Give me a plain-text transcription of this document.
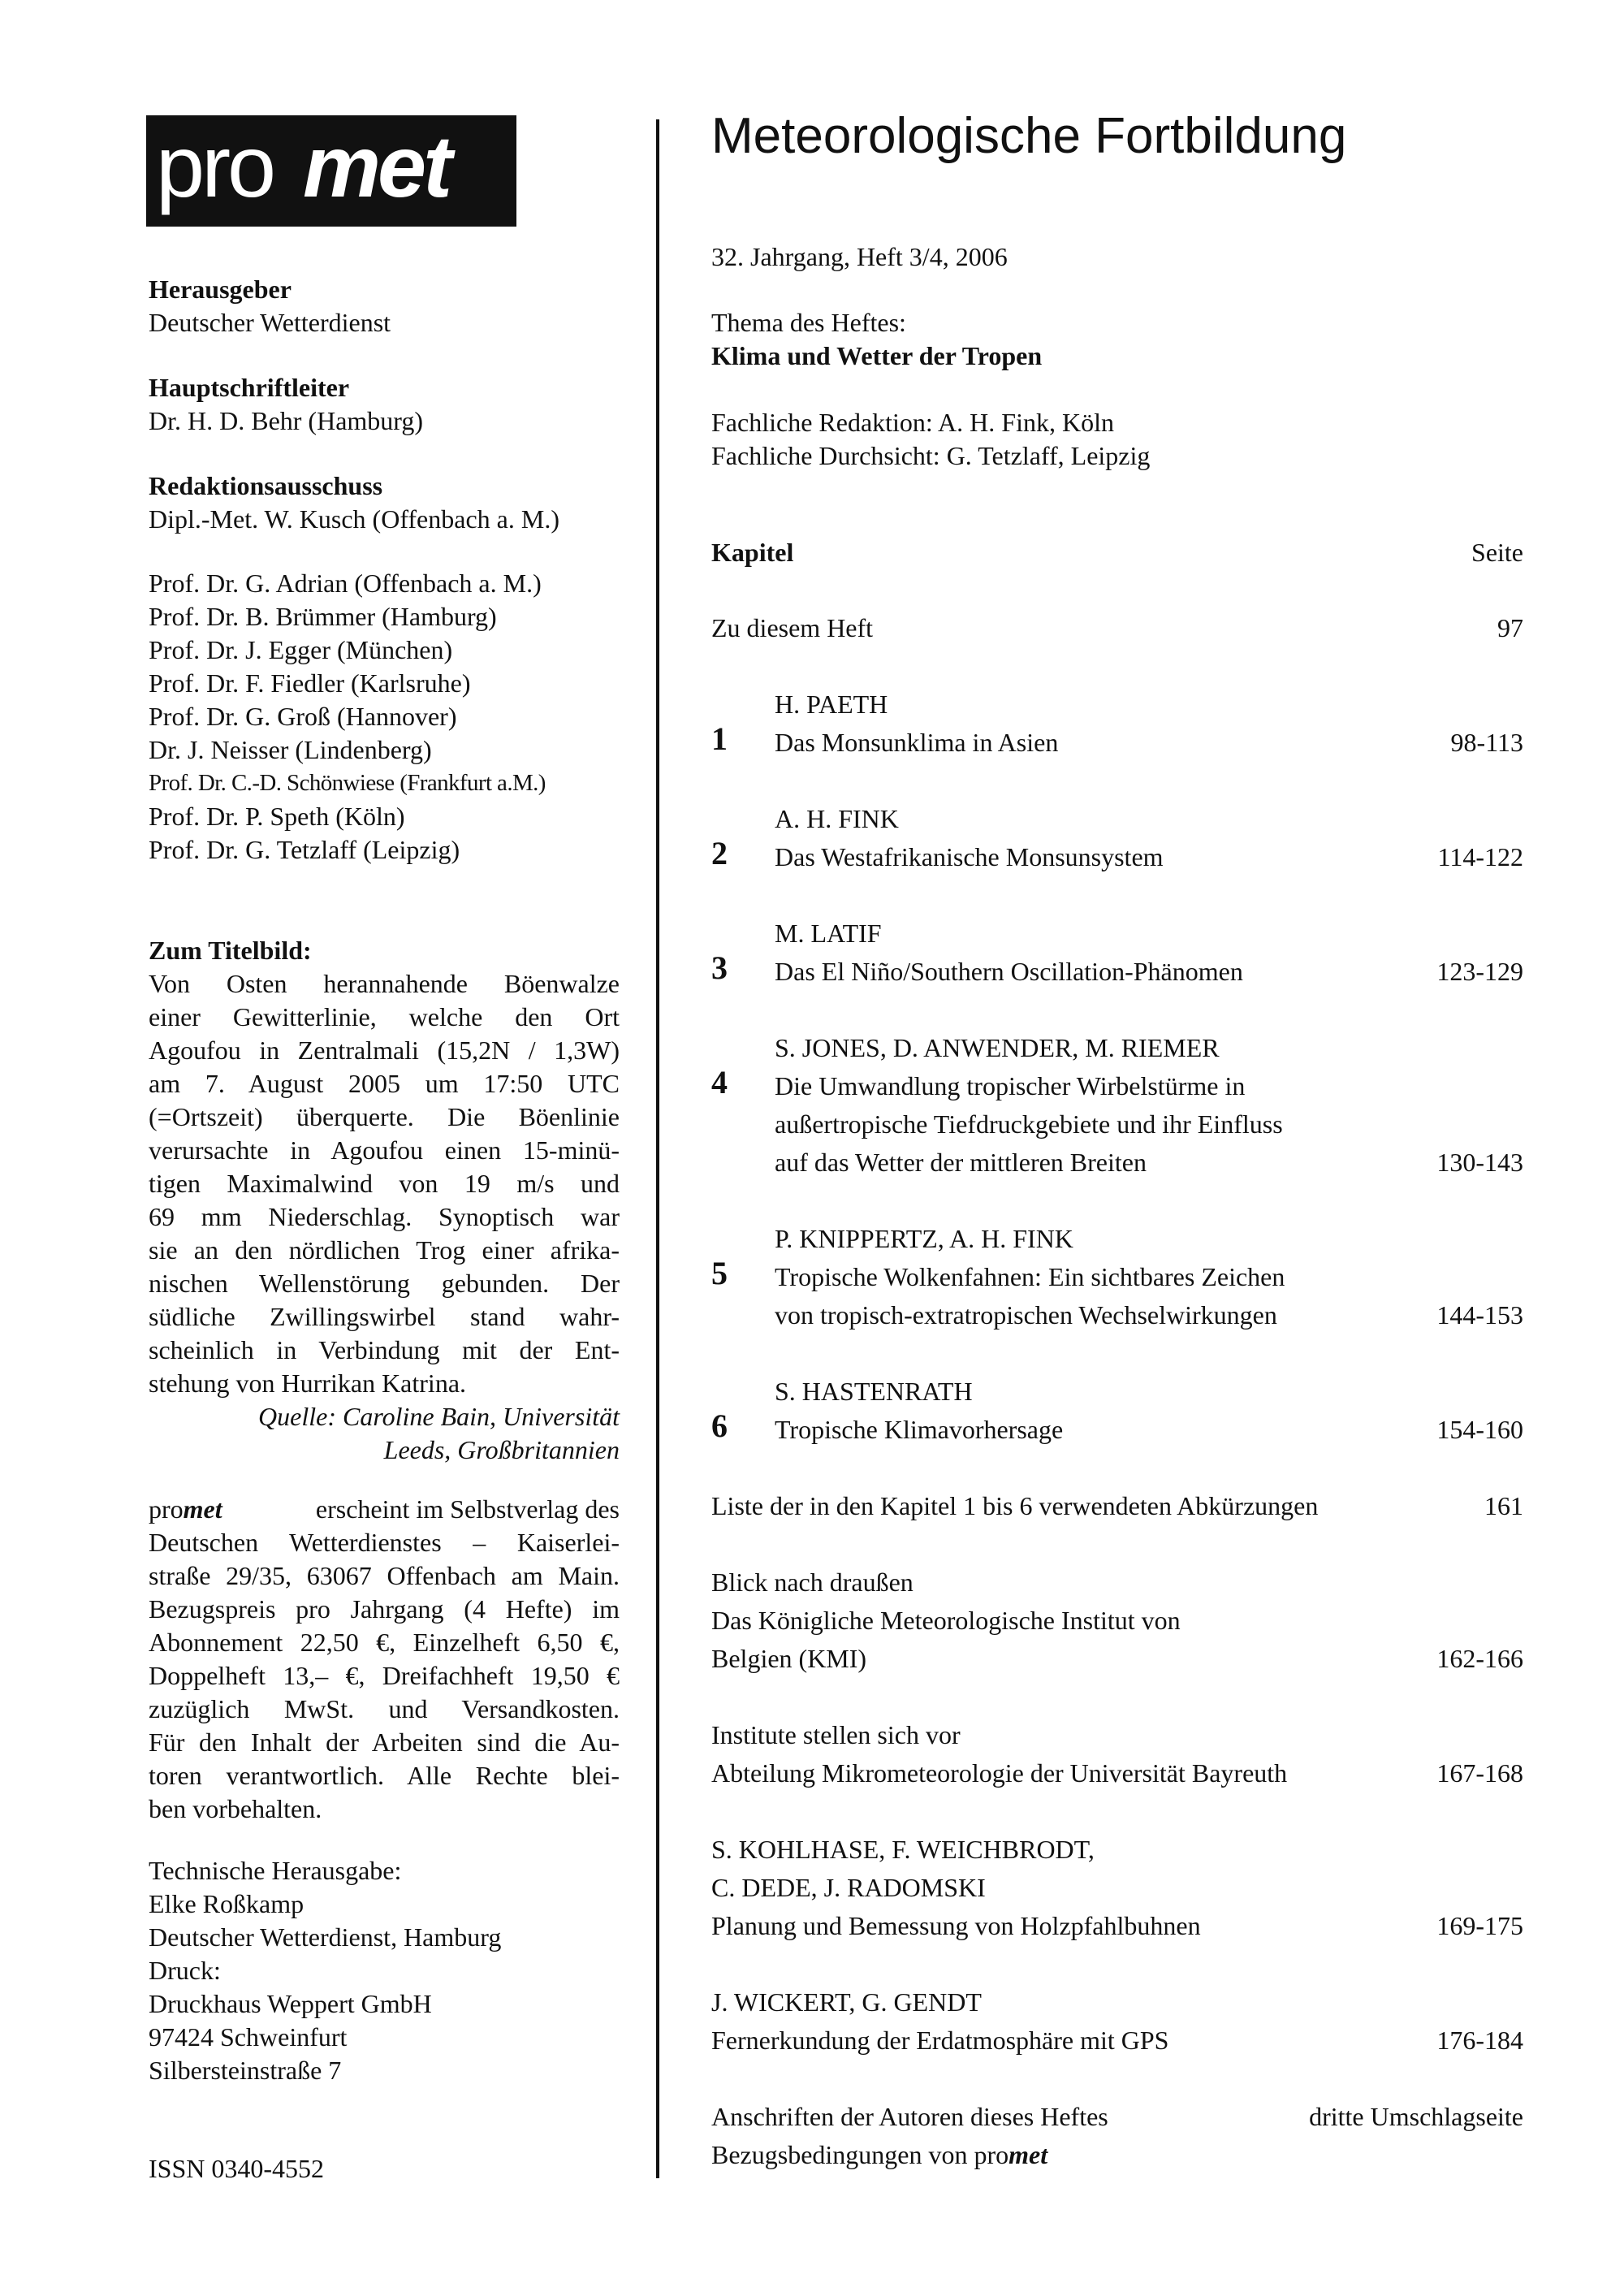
pro met	Meteorologische Fortbildung
Herausgeber
Deutscher Wetterdienst
Hauptschriftleiter
Dr. H. D. Behr (Hamburg)
Redaktionsausschuss
Dipl.-Met. W. Kusch (Offenbach a. M.)
Prof. Dr. G. Adrian (Offenbach a. M.)
Prof. Dr. B. Brümmer (Hamburg)
Prof. Dr. J. Egger (München)
Prof. Dr. F. Fiedler (Karlsruhe)
Prof. Dr. G. Groß (Hannover)
Dr. J. Neisser (Lindenberg)
Prof. Dr. C.-D. Schönwiese (Frankfurt a.M.)
Prof. Dr. P. Speth (Köln)
Prof. Dr. G. Tetzlaff (Leipzig)
Zum Titelbild:
Von Osten herannahende Böenwalze
einer Gewitterlinie, welche den Ort
Agoufou in Zentralmali (15,2N / 1,3W)
am 7. August 2005 um 17:50 UTC
(=Ortszeit) überquerte. Die Böenlinie
verursachte in Agoufou einen 15-minü-
tigen Maximalwind von 19 m/s und
69 mm Niederschlag. Synoptisch war
sie an den nördlichen Trog einer afrika-
nischen Wellenstörung gebunden. Der
südliche Zwillingswirbel stand wahr-
scheinlich in Verbindung mit der Ent-
stehung von Hurrikan Katrina.
Quelle: Caroline Bain, Universität
Leeds, Großbritannien
promet	erscheint im Selbstverlag des
Deutschen Wetterdienstes – Kaiserlei-
straße 29/35, 63067 Offenbach am Main.
Bezugspreis pro Jahrgang (4 Hefte) im
Abonnement 22,50 €, Einzelheft 6,50 €,
Doppelheft 13,– €, Dreifachheft 19,50 €
zuzüglich MwSt. und Versandkosten.
Für den Inhalt der Arbeiten sind die Au-
toren verantwortlich. Alle Rechte blei-
ben vorbehalten.
Technische Herausgabe:
Elke Roßkamp
Deutscher Wetterdienst, Hamburg
Druck:
Druckhaus Weppert GmbH
97424 Schweinfurt
Silbersteinstraße 7
ISSN 0340-4552
32. Jahrgang, Heft 3/4, 2006
Thema des Heftes:
Klima und Wetter der Tropen
Fachliche Redaktion: A. H. Fink, Köln
Fachliche Durchsicht: G. Tetzlaff, Leipzig
Kapitel	Seite
Zu diesem Heft	97
H. PAETH
1 Das Monsunklima in Asien	98-113
A. H. FINK
2 Das Westafrikanische Monsunsystem	114-122
M. LATIF
3 Das El Niño/Southern Oscillation-Phänomen	123-129
S. JONES, D. ANWENDER, M. RIEMER
4 Die Umwandlung tropischer Wirbelstürme in
außertropische Tiefdruckgebiete und ihr Einfluss
auf das Wetter der mittleren Breiten	130-143
P. KNIPPERTZ, A. H. FINK
5 Tropische Wolkenfahnen: Ein sichtbares Zeichen
von tropisch-extratropischen Wechselwirkungen	144-153
S. HASTENRATH
6 Tropische Klimavorhersage	154-160
Liste der in den Kapitel 1 bis 6 verwendeten Abkürzungen	161
Blick nach draußen
Das Königliche Meteorologische Institut von
Belgien (KMI)	162-166
Institute stellen sich vor
Abteilung Mikrometeorologie der Universität Bayreuth	167-168
S. KOHLHASE, F. WEICHBRODT,
C. DEDE, J. RADOMSKI
Planung und Bemessung von Holzpfahlbuhnen	169-175
J. WICKERT, G. GENDT
Fernerkundung der Erdatmosphäre mit GPS	176-184
Anschriften der Autoren dieses Heftes	dritte Umschlagseite
Bezugsbedingungen von promet
